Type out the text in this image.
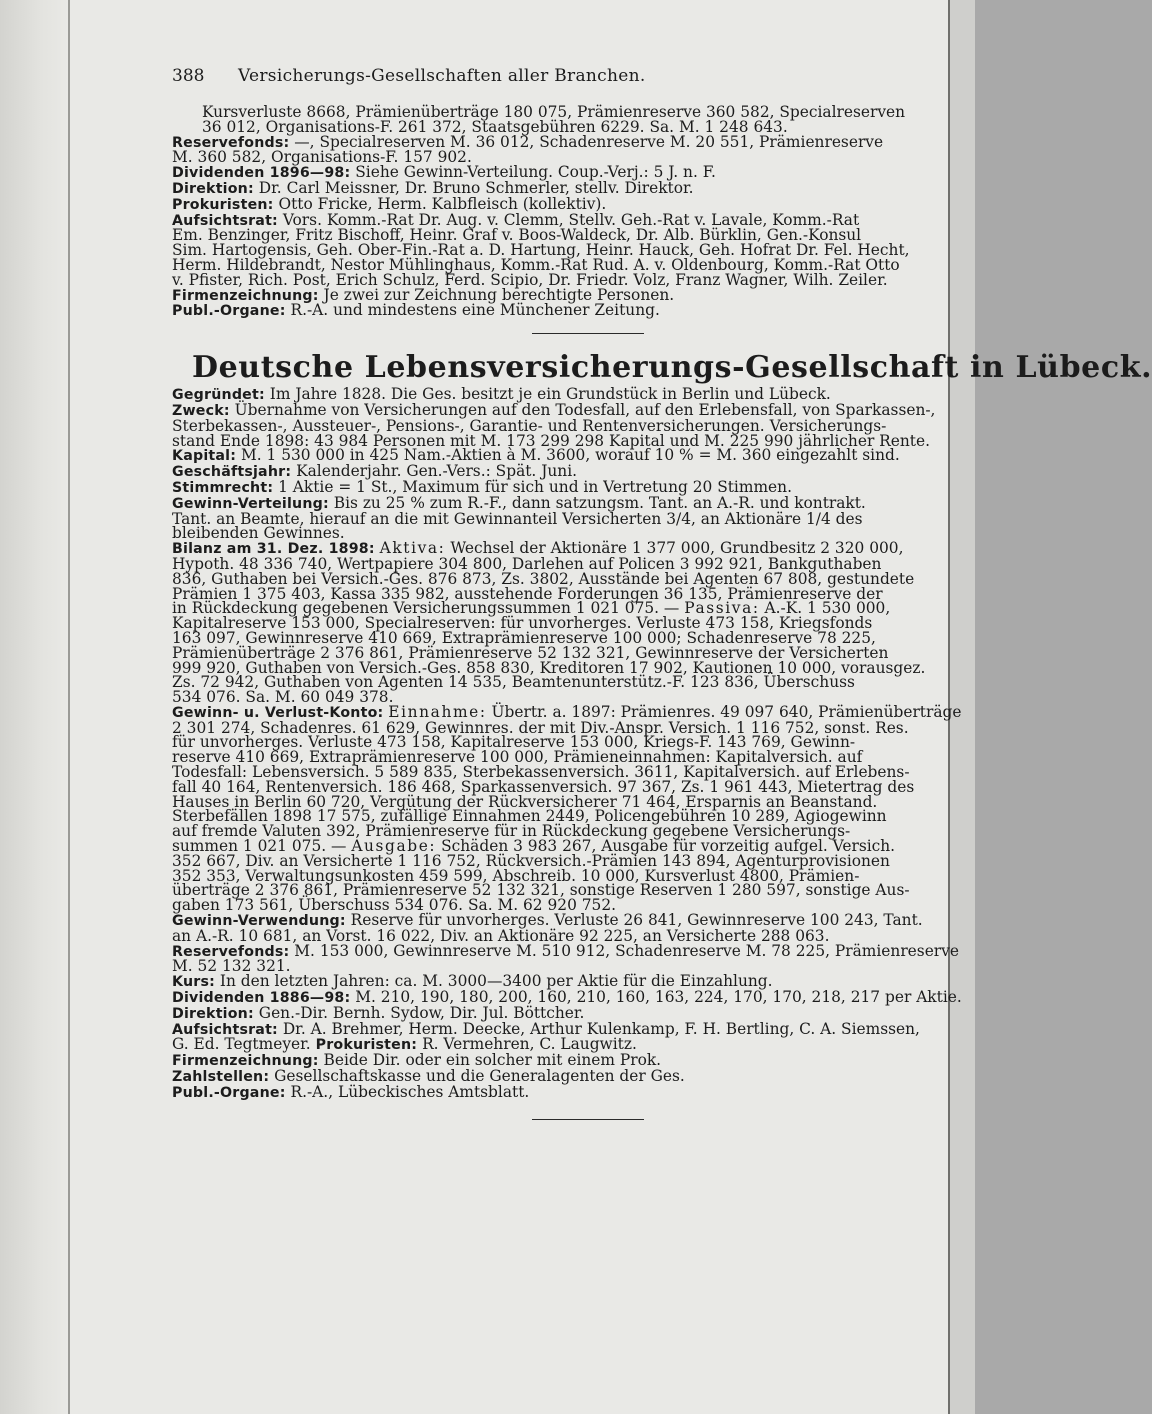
388	Versicherungs-Gesellschaften aller Branchen.
Kursverluste 8668, Prämienüberträge 180 075, Prämienreserve 360 582, Specialreserven
36 012, Organisations-F. 261 372, Staatsgebühren 6229. Sa. M. 1 248 643.
Reservefonds: —, Specialreserven M. 36 012, Schadenreserve M. 20 551, Prämienreserve
M. 360 582, Organisations-F. 157 902.
Dividenden 1896—98: Siehe Gewinn-Verteilung. Coup.-Verj.: 5 J. n. F.
Direktion: Dr. Carl Meissner, Dr. Bruno Schmerler, stellv. Direktor.
Prokuristen: Otto Fricke, Herm. Kalbfleisch (kollektiv).
Aufsichtsrat: Vors. Komm.-Rat Dr. Aug. v. Clemm, Stellv. Geh.-Rat v. Lavale, Komm.-Rat
Em. Benzinger, Fritz Bischoff, Heinr. Graf v. Boos-Waldeck, Dr. Alb. Bürklin, Gen.-Konsul
Sim. Hartogensis, Geh. Ober-Fin.-Rat a. D. Hartung, Heinr. Hauck, Geh. Hofrat Dr. Fel. Hecht,
Herm. Hildebrandt, Nestor Mühlinghaus, Komm.-Rat Rud. A. v. Oldenbourg, Komm.-Rat Otto
v. Pfister, Rich. Post, Erich Schulz, Ferd. Scipio, Dr. Friedr. Volz, Franz Wagner, Wilh. Zeiler.
Firmenzeichnung: Je zwei zur Zeichnung berechtigte Personen.
Publ.-Organe: R.-A. und mindestens eine Münchener Zeitung.
Deutsche Lebensversicherungs-Gesellschaft in Lübeck.
Gegründet: Im Jahre 1828. Die Ges. besitzt je ein Grundstück in Berlin und Lübeck.
Zweck: Übernahme von Versicherungen auf den Todesfall, auf den Erlebensfall, von Sparkassen-,
Sterbekassen-, Aussteuer-, Pensions-, Garantie- und Rentenversicherungen. Versicherungs-
stand Ende 1898: 43 984 Personen mit M. 173 299 298 Kapital und M. 225 990 jährlicher Rente.
Kapital: M. 1 530 000 in 425 Nam.-Aktien à M. 3600, worauf 10 % = M. 360 eingezahlt sind.
Geschäftsjahr: Kalenderjahr. Gen.-Vers.: Spät. Juni.
Stimmrecht: 1 Aktie = 1 St., Maximum für sich und in Vertretung 20 Stimmen.
Gewinn-Verteilung: Bis zu 25 % zum R.-F., dann satzungsm. Tant. an A.-R. und kontrakt.
Tant. an Beamte, hierauf an die mit Gewinnanteil Versicherten 3/4, an Aktionäre 1/4 des
bleibenden Gewinnes.
Bilanz am 31. Dez. 1898: Aktiva: Wechsel der Aktionäre 1 377 000, Grundbesitz 2 320 000,
Hypoth. 48 336 740, Wertpapiere 304 800, Darlehen auf Policen 3 992 921, Bankguthaben
836, Guthaben bei Versich.-Ges. 876 873, Zs. 3802, Ausstände bei Agenten 67 808, gestundete
Prämien 1 375 403, Kassa 335 982, ausstehende Forderungen 36 135, Prämienreserve der
in Rückdeckung gegebenen Versicherungssummen 1 021 075. — Passiva: A.-K. 1 530 000,
Kapitalreserve 153 000, Specialreserven: für unvorherges. Verluste 473 158, Kriegsfonds
163 097, Gewinnreserve 410 669, Extraprämienreserve 100 000; Schadenreserve 78 225,
Prämienüberträge 2 376 861, Prämienreserve 52 132 321, Gewinnreserve der Versicherten
999 920, Guthaben von Versich.-Ges. 858 830, Kreditoren 17 902, Kautionen 10 000, vorausgez.
Zs. 72 942, Guthaben von Agenten 14 535, Beamtenunterstütz.-F. 123 836, Überschuss
534 076. Sa. M. 60 049 378.
Gewinn- u. Verlust-Konto: Einnahme: Übertr. a. 1897: Prämienres. 49 097 640, Prämienüberträge
2 301 274, Schadenres. 61 629, Gewinnres. der mit Div.-Anspr. Versich. 1 116 752, sonst. Res.
für unvorherges. Verluste 473 158, Kapitalreserve 153 000, Kriegs-F. 143 769, Gewinn-
reserve 410 669, Extraprämienreserve 100 000, Prämieneinnahmen: Kapitalversich. auf
Todesfall: Lebensversich. 5 589 835, Sterbekassenversich. 3611, Kapitalversich. auf Erlebens-
fall 40 164, Rentenversich. 186 468, Sparkassenversich. 97 367, Zs. 1 961 443, Mietertrag des
Hauses in Berlin 60 720, Vergütung der Rückversicherer 71 464, Ersparnis an Beanstand.
Sterbefällen 1898 17 575, zufällige Einnahmen 2449, Policengebühren 10 289, Agiogewinn
auf fremde Valuten 392, Prämienreserve für in Rückdeckung gegebene Versicherungs-
summen 1 021 075. — Ausgabe: Schäden 3 983 267, Ausgabe für vorzeitig aufgel. Versich.
352 667, Div. an Versicherte 1 116 752, Rückversich.-Prämien 143 894, Agenturprovisionen
352 353, Verwaltungsunkosten 459 599, Abschreib. 10 000, Kursverlust 4800, Prämien-
überträge 2 376 861, Prämienreserve 52 132 321, sonstige Reserven 1 280 597, sonstige Aus-
gaben 173 561, Überschuss 534 076. Sa. M. 62 920 752.
Gewinn-Verwendung: Reserve für unvorherges. Verluste 26 841, Gewinnreserve 100 243, Tant.
an A.-R. 10 681, an Vorst. 16 022, Div. an Aktionäre 92 225, an Versicherte 288 063.
Reservefonds: M. 153 000, Gewinnreserve M. 510 912, Schadenreserve M. 78 225, Prämienreserve
M. 52 132 321.
Kurs: In den letzten Jahren: ca. M. 3000—3400 per Aktie für die Einzahlung.
Dividenden 1886—98: M. 210, 190, 180, 200, 160, 210, 160, 163, 224, 170, 170, 218, 217 per Aktie.
Direktion: Gen.-Dir. Bernh. Sydow, Dir. Jul. Böttcher.
Aufsichtsrat: Dr. A. Brehmer, Herm. Deecke, Arthur Kulenkamp, F. H. Bertling, C. A. Siemssen,
G. Ed. Tegtmeyer. Prokuristen: R. Vermehren, C. Laugwitz.
Firmenzeichnung: Beide Dir. oder ein solcher mit einem Prok.
Zahlstellen: Gesellschaftskasse und die Generalagenten der Ges.
Publ.-Organe: R.-A., Lübeckisches Amtsblatt.
